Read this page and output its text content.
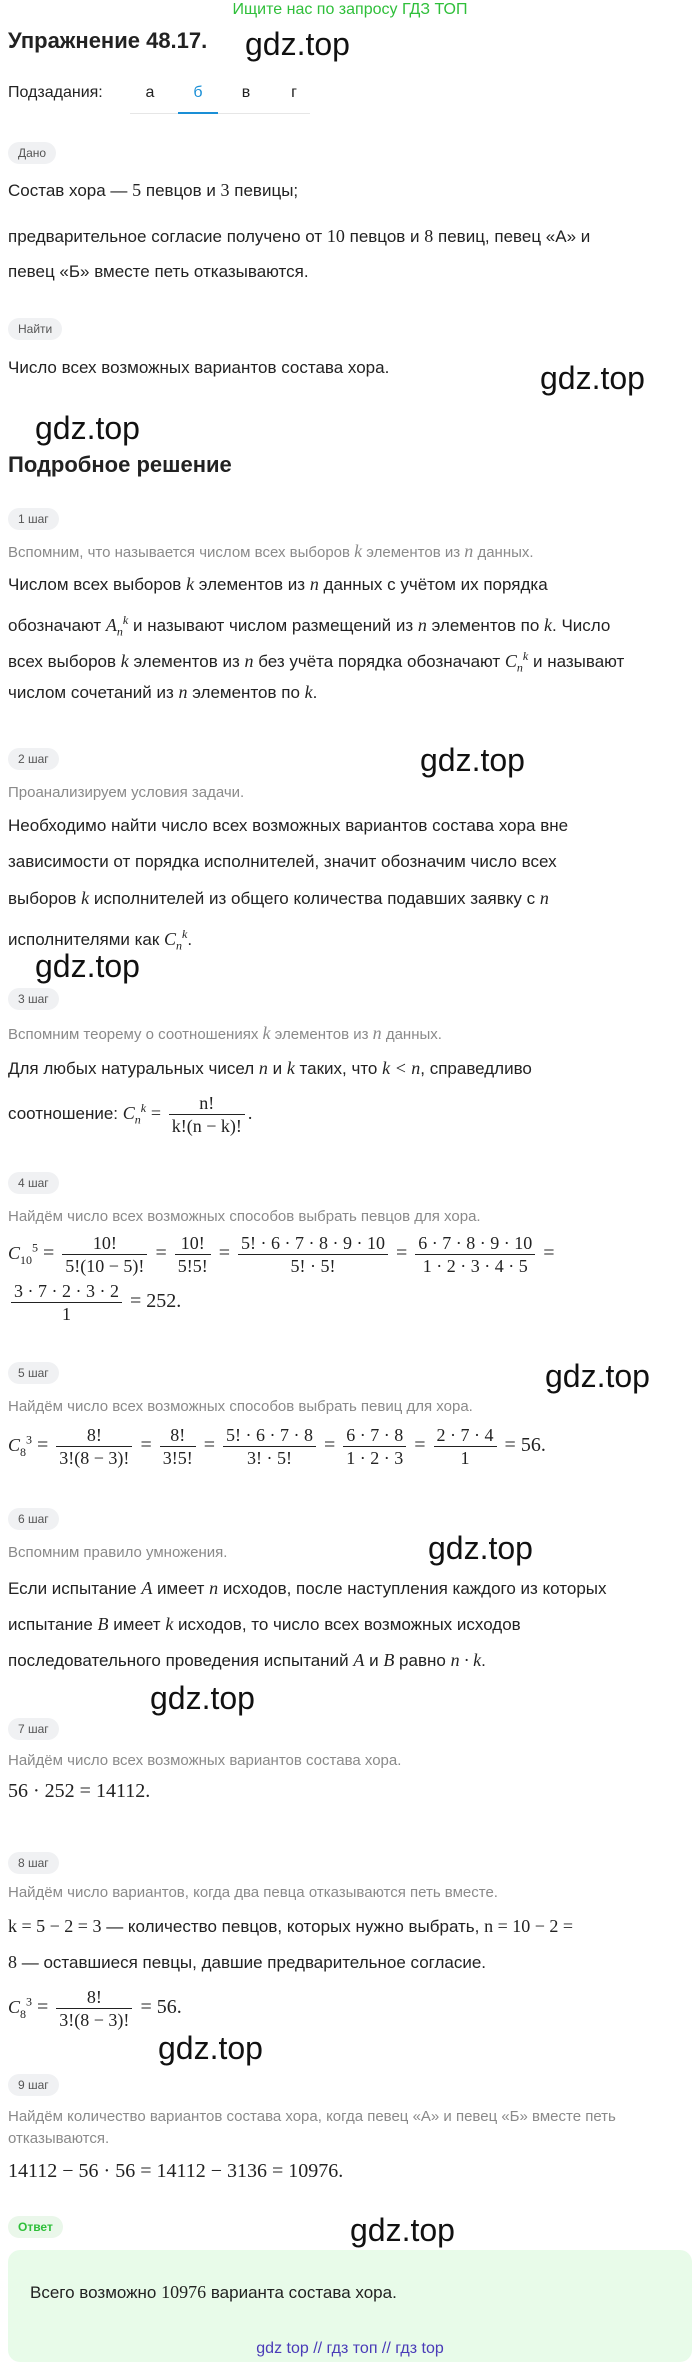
Ищите нас по запросу ГДЗ ТОП
Упражнение 48.17. gdz.top
Подзадания:	а	б	в	г
Дано
Состав хора — 5 певцов и 3 певицы;
предварительное согласие получено от 10 певцов и 8 певиц, певец «А» и
певец «Б» вместе петь отказываются.
Найти
Число всех возможных вариантов состава хора.	gdz.top
gdz.top
Подробное решение
1 шаг
Вспомним, что называется числом всех выборов k элементов из n данных.
Числом всех выборов k элементов из n данных с учётом их порядка
обозначают $A_n^k$ и называют числом размещений из n элементов по k. Число
всех выборов k элементов из n без учёта порядка обозначают $C_n^k$ и называют
числом сочетаний из n элементов по k.
2 шаг	gdz.top
Проанализируем условия задачи.
Необходимо найти число всех возможных вариантов состава хора вне
зависимости от порядка исполнителей, значит обозначим число всех
выборов k исполнителей из общего количества подавших заявку с n
исполнителями как $C_n^k$.
gdz.top
3 шаг
Вспомним теорему о соотношениях k элементов из n данных.
Для любых натуральных чисел n и k таких, что k < n, справедливо
соотношение: $C_n^k = \frac{n!}{k!(n - k)!}$ .
4 шаг
Найдём число всех возможных способов выбрать певцов для хора.
$C_{10}^5 = \frac{10!}{5!(10 - 5)!} = \frac{10!}{5!5!} = \frac{5! \cdot 6 \cdot 7 \cdot 8 \cdot 9 \cdot 10}{5! \cdot 5!} = \frac{6 \cdot 7 \cdot 8 \cdot 9 \cdot 10}{1 \cdot 2 \cdot 3 \cdot 4 \cdot 5}$ =
$\frac{3 \cdot 7 \cdot 2 \cdot 3 \cdot 2}{1} = 252$.
5 шаг	gdz.top
Найдём число всех возможных способов выбрать певиц для хора.
$C_8^3 = \frac{8!}{3!(8 - 3)!} = \frac{8!}{3!5!} = \frac{5! \cdot 6 \cdot 7 \cdot 8}{3! \cdot 5!} = \frac{6 \cdot 7 \cdot 8}{1 \cdot 2 \cdot 3} = \frac{2 \cdot 7 \cdot 4}{1} = 56$.
6 шаг
gdz.top
Вспомним правило умножения.
Если испытание A имеет n исходов, после наступления каждого из которых
испытание B имеет k исходов, то число всех возможных исходов
последовательного проведения испытаний A и B равно n · k.
gdz.top
7 шаг
Найдём число всех возможных вариантов состава хора.
56 · 252 = 14112.
8 шаг
Найдём число вариантов, когда два певца отказываются петь вместе.
k = 5 − 2 = 3 — количество певцов, которых нужно выбрать, n = 10 − 2 =
8 — оставшиеся певцы, давшие предварительное согласие.
$C_8^3 = \frac{8!}{3!(8 - 3)!} = 56$.
gdz.top
9 шаг
Найдём количество вариантов состава хора, когда певец «А» и певец «Б» вместе петь
отказываются.
14112 − 56 · 56 = 14112 − 3136 = 10976.
Ответ	gdz.top
Всего возможно 10976 варианта состава хора.
gdz top // гдз топ // гдз top
